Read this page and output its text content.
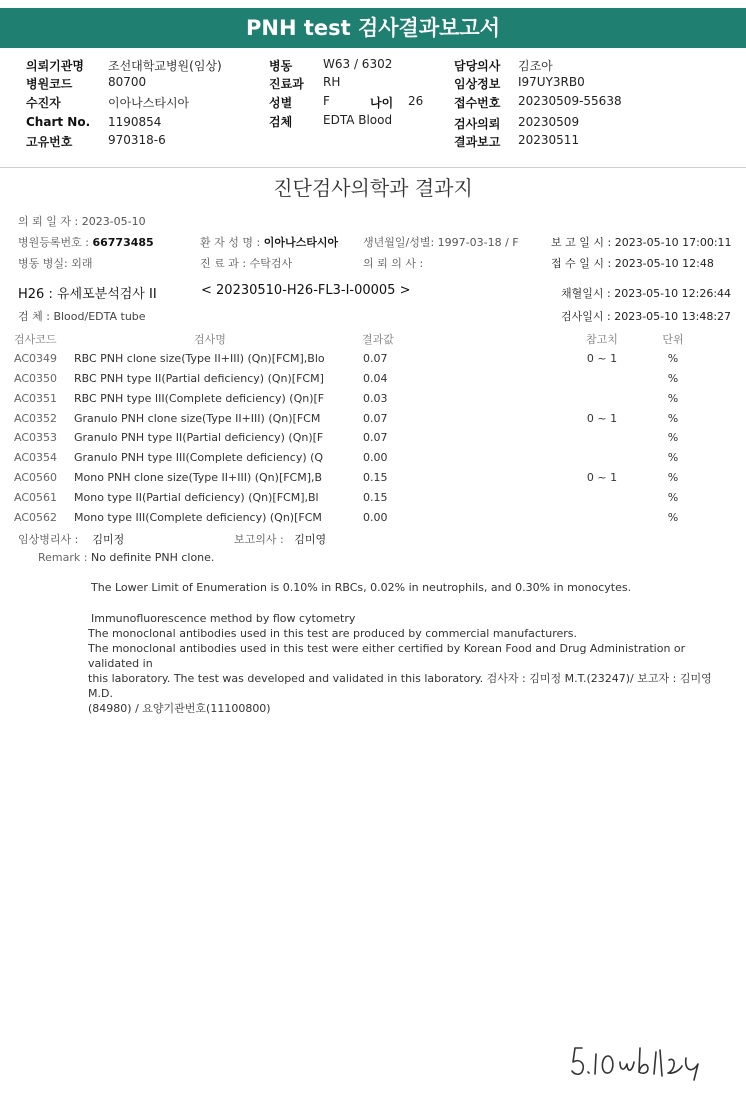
PNH test 검사결과보고서
의뢰기관명 조선대학교병원(임상)
병원코드	80700
수진자	이아나스타시아
Chart No. 1190854
고유번호	970318-6
병동	W63 / 6302
진료과 RH
성별	F	나이 26
검체	EDTA Blood
담당의사 김조아
임상정보 I97UY3RB0
접수번호 20230509-55638
검사의뢰 20230509
결과보고 20230511
진단검사의학과 결과지
의 뢰 일 자 : 2023-05-10
병원등록번호 : 66773485	환 자 성 명 : 이아나스타시아 생년월일/성별: 1997-03-18 / F	보 고 일 시 : 2023-05-10 17:00:11
병동 병실: 외래	진 료 과 : 수탁검사	의 뢰 의 사 :	접 수 일 시 : 2023-05-10 12:48
H26 : 유세포분석검사 II	< 20230510-H26-FL3-I-00005 >	채혈일시 : 2023-05-10 12:26:44
검 체 : Blood/EDTA tube	검사일시 : 2023-05-10 13:48:27
검사코드	검사명	결과값	참고치	단위
AC0349	RBC PNH clone size(Type II+III) (Qn)[FCM],Blo	0.07	0 ~ 1	%
AC0350	RBC PNH type II(Partial deficiency) (Qn)[FCM]	0.04		%
AC0351	RBC PNH type III(Complete deficiency) (Qn)[F	0.03		%
AC0352	Granulo PNH clone size(Type II+III) (Qn)[FCM	0.07	0 ~ 1	%
AC0353	Granulo PNH type II(Partial deficiency) (Qn)[F	0.07		%
AC0354	Granulo PNH type III(Complete deficiency) (Q	0.00		%
AC0560	Mono PNH clone size(Type II+III) (Qn)[FCM],B	0.15	0 ~ 1	%
AC0561	Mono type II(Partial deficiency) (Qn)[FCM],Bl	0.15		%
AC0562	Mono type III(Complete deficiency) (Qn)[FCM	0.00		%
임상병리사 : 김미정	보고의사 : 김미영
Remark : No definite PNH clone.
The Lower Limit of Enumeration is 0.10% in RBCs, 0.02% in neutrophils, and 0.30% in monocytes.
Immunofluorescence method by flow cytometry
The monoclonal antibodies used in this test are produced by commercial manufacturers.
The monoclonal antibodies used in this test were either certified by Korean Food and Drug Administration or validated in
this laboratory. The test was developed and validated in this laboratory. 검사자 : 김미정 M.T.(23247)/ 보고자 : 김미영 M.D.
(84980) / 요양기관번호(11100800)
